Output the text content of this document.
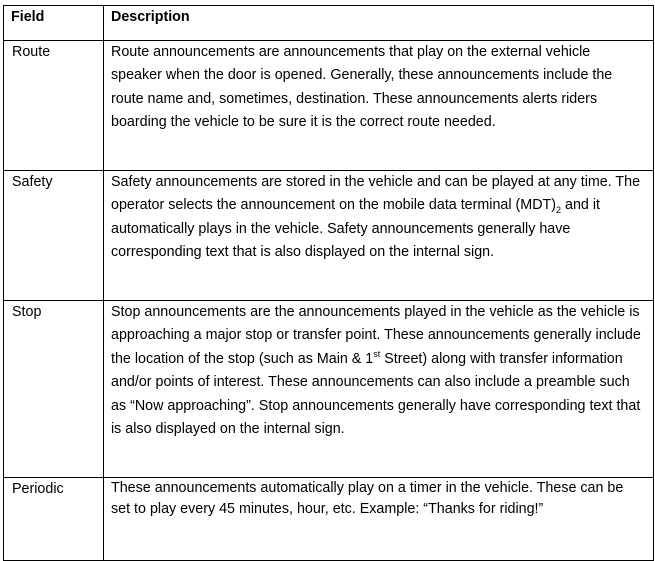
Field	Description
Route	Route announcements are announcements that play on the external vehicle speaker when the door is opened. Generally, these announcements include the route name and, sometimes, destination. These announcements alerts riders boarding the vehicle to be sure it is the correct route needed.
Safety	Safety announcements are stored in the vehicle and can be played at any time. The operator selects the announcement on the mobile data terminal $(MDT)_2$ and it automatically plays in the vehicle. Safety announcements generally have corresponding text that is also displayed on the internal sign.
Stop	Stop announcements are the announcements played in the vehicle as the vehicle is approaching a major stop or transfer point. These announcements generally include the location of the stop (such as Main & 1st Street) along with transfer information and/or points of interest. These announcements can also include a preamble such as “Now approaching”. Stop announcements generally have corresponding text that is also displayed on the internal sign.
Periodic	These announcements automatically play on a timer in the vehicle. These can be set to play every 45 minutes, hour, etc. Example: “Thanks for riding!”
